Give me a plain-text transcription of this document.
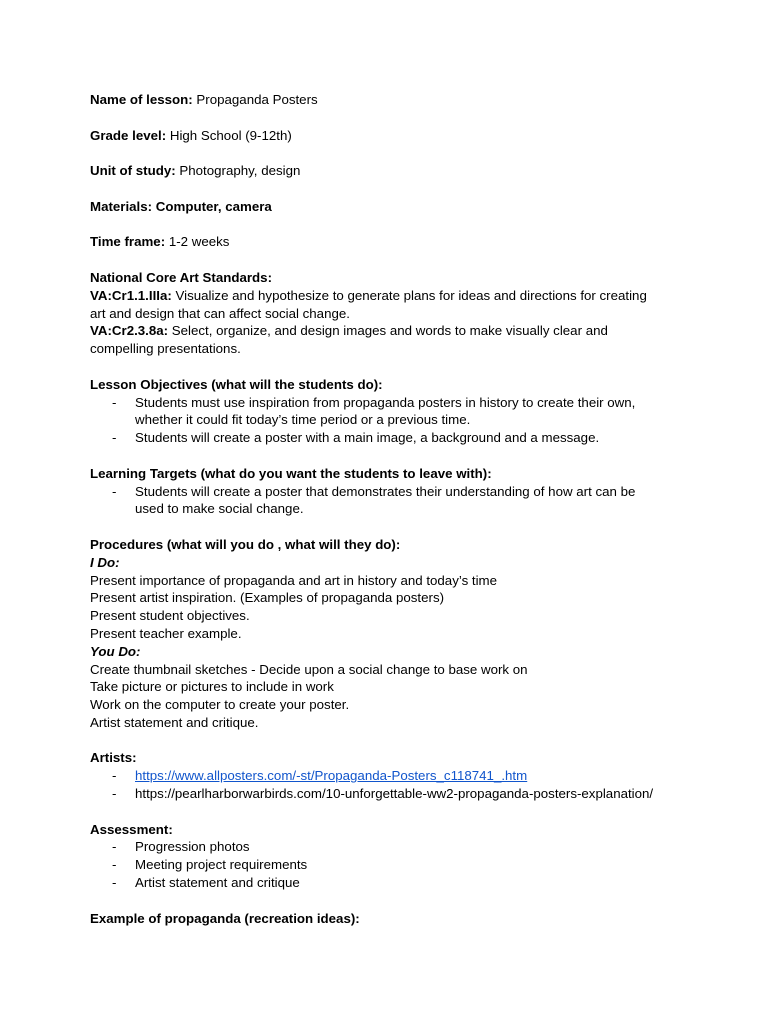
Name of lesson: Propaganda Posters

Grade level: High School (9-12th)

Unit of study: Photography, design

Materials: Computer, camera

Time frame: 1-2 weeks

National Core Art Standards:

VA:Cr1.1.IIIa: Visualize and hypothesize to generate plans for ideas and directions for creating

art and design that can affect social change.

VA:Cr2.3.8a: Select, organize, and design images and words to make visually clear and

compelling presentations.

Lesson Objectives (what will the students do):

- Students must use inspiration from propaganda posters in history to create their own,
whether it could fit today’s time period or a previous time.
- Students will create a poster with a main image, a background and a message.

Learning Targets (what do you want the students to leave with):

- Students will create a poster that demonstrates their understanding of how art can be
used to make social change.

Procedures (what will you do , what will they do):

I Do:

Present importance of propaganda and art in history and today’s time

Present artist inspiration. (Examples of propaganda posters)

Present student objectives.

Present teacher example.

You Do:

Create thumbnail sketches - Decide upon a social change to base work on

Take picture or pictures to include in work

Work on the computer to create your poster.

Artist statement and critique.

Artists:

- https://www.allposters.com/-st/Propaganda-Posters_c118741_.htm
- https://pearlharborwarbirds.com/10-unforgettable-ww2-propaganda-posters-explanation/

Assessment:

- Progression photos
- Meeting project requirements
- Artist statement and critique

Example of propaganda (recreation ideas):
